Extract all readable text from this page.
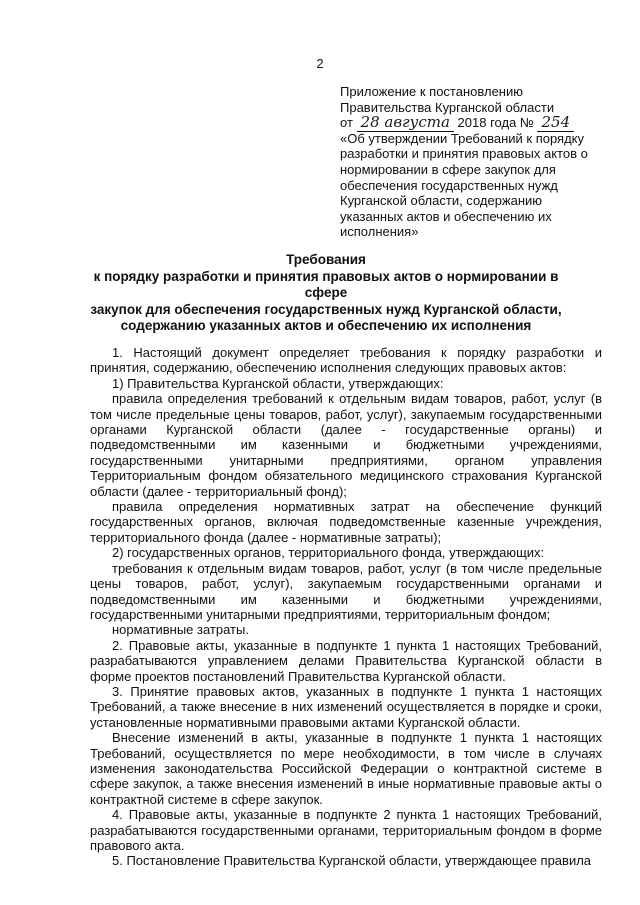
2
Приложение к постановлению
Правительства Курганской области
от 28 августа 2018 года № 254
«Об утверждении Требований к порядку разработки и принятия правовых актов о нормировании в сфере закупок для обеспечения государственных нужд Курганской области, содержанию указанных актов и обеспечению их исполнения»
Требования
к порядку разработки и принятия правовых актов о нормировании в сфере
закупок для обеспечения государственных нужд Курганской области,
содержанию указанных актов и обеспечению их исполнения

1. Настоящий документ определяет требования к порядку разработки и принятия, содержанию, обеспечению исполнения следующих правовых актов:

1) Правительства Курганской области, утверждающих:

правила определения требований к отдельным видам товаров, работ, услуг (в том числе предельные цены товаров, работ, услуг), закупаемым государственными органами Курганской области (далее - государственные органы) и подведомственными им казенными и бюджетными учреждениями, государственными унитарными предприятиями, органом управления Территориальным фондом обязательного медицинского страхования Курганской области (далее - территориальный фонд);

правила определения нормативных затрат на обеспечение функций государственных органов, включая подведомственные казенные учреждения, территориального фонда (далее - нормативные затраты);

2) государственных органов, территориального фонда, утверждающих:

требования к отдельным видам товаров, работ, услуг (в том числе предельные цены товаров, работ, услуг), закупаемым государственными органами и подведомственными им казенными и бюджетными учреждениями, государственными унитарными предприятиями, территориальным фондом;

нормативные затраты.

2. Правовые акты, указанные в подпункте 1 пункта 1 настоящих Требований, разрабатываются управлением делами Правительства Курганской области в форме проектов постановлений Правительства Курганской области.

3. Принятие правовых актов, указанных в подпункте 1 пункта 1 настоящих Требований, а также внесение в них изменений осуществляется в порядке и сроки, установленные нормативными правовыми актами Курганской области.

Внесение изменений в акты, указанные в подпункте 1 пункта 1 настоящих Требований, осуществляется по мере необходимости, в том числе в случаях изменения законодательства Российской Федерации о контрактной системе в сфере закупок, а также внесения изменений в иные нормативные правовые акты о контрактной системе в сфере закупок.

4. Правовые акты, указанные в подпункте 2 пункта 1 настоящих Требований, разрабатываются государственными органами, территориальным фондом в форме правового акта.

5. Постановление Правительства Курганской области, утверждающее правила
